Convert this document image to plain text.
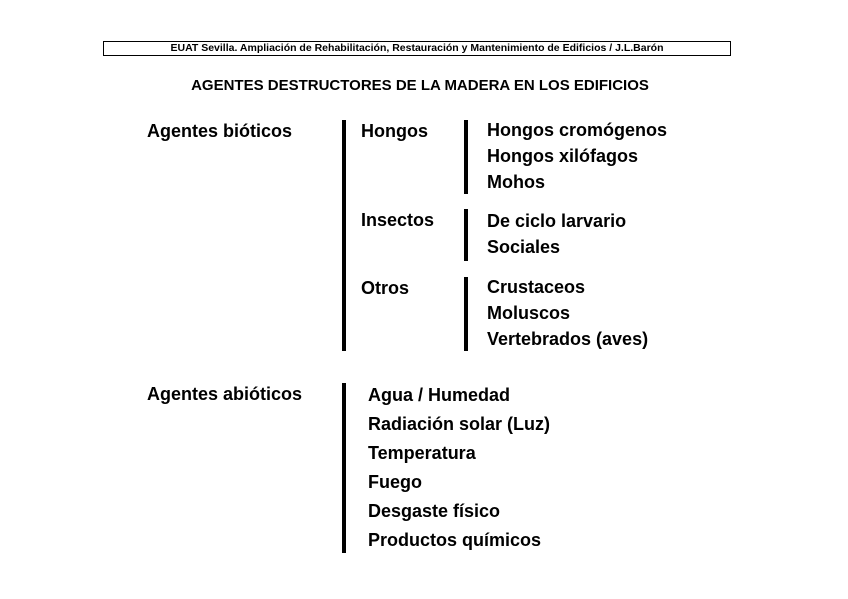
EUAT Sevilla. Ampliación de Rehabilitación, Restauración y Mantenimiento de Edificios / J.L.Barón
AGENTES DESTRUCTORES DE LA MADERA EN LOS EDIFICIOS
Agentes bióticos	Hongos	Hongos cromógenos
Hongos xilófagos
Mohos
Insectos	De ciclo larvario
Sociales
Otros	Crustaceos
Moluscos
Vertebrados (aves)
Agentes abióticos	Agua / Humedad
Radiación solar (Luz)
Temperatura
Fuego
Desgaste físico
Productos químicos
